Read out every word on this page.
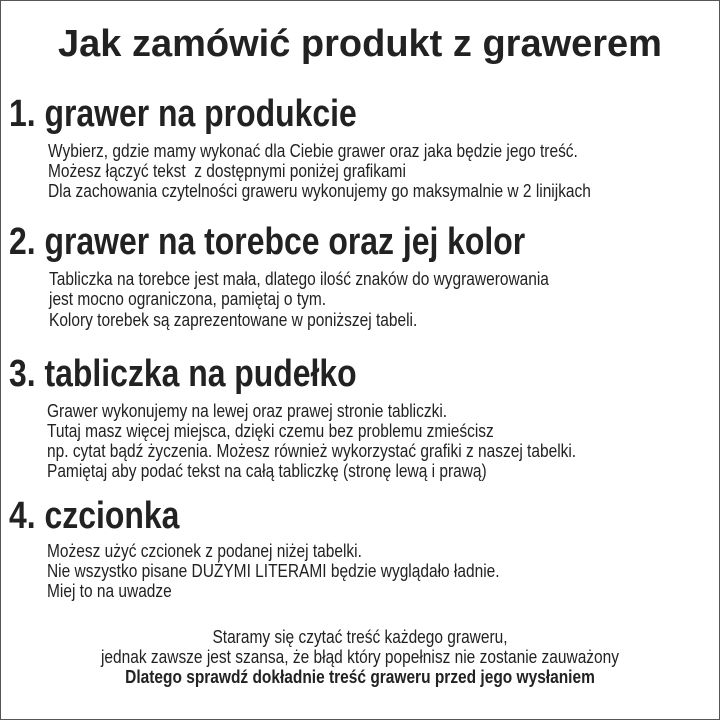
Jak zamówić produkt z grawerem
1. grawer na produkcie
Wybierz, gdzie mamy wykonać dla Ciebie grawer oraz jaka będzie jego treść.
Możesz łączyć tekst  z dostępnymi poniżej grafikami
Dla zachowania czytelności graweru wykonujemy go maksymalnie w 2 linijkach
2. grawer na torebce oraz jej kolor
Tabliczka na torebce jest mała, dlatego ilość znaków do wygrawerowania
jest mocno ograniczona, pamiętaj o tym.
Kolory torebek są zaprezentowane w poniższej tabeli.
3. tabliczka na pudełko
Grawer wykonujemy na lewej oraz prawej stronie tabliczki.
Tutaj masz więcej miejsca, dzięki czemu bez problemu zmieścisz
np. cytat bądź życzenia. Możesz również wykorzystać grafiki z naszej tabelki.
Pamiętaj aby podać tekst na całą tabliczkę (stronę lewą i prawą)
4. czcionka
Możesz użyć czcionek z podanej niżej tabelki.
Nie wszystko pisane DUŻYMI LITERAMI będzie wyglądało ładnie.
Miej to na uwadze
Staramy się czytać treść każdego graweru,
jednak zawsze jest szansa, że błąd który popełnisz nie zostanie zauważony
Dlatego sprawdź dokładnie treść graweru przed jego wysłaniem
